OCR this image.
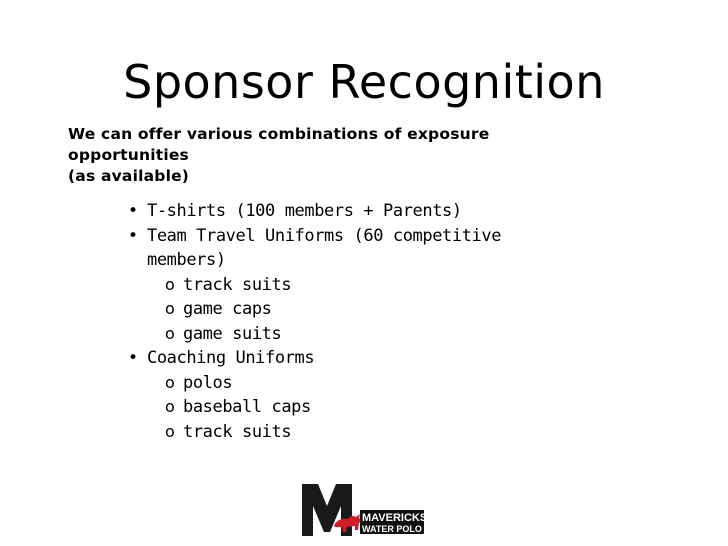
Sponsor Recognition
We can offer various combinations of exposure
opportunities
(as available)
• T-shirts (100 members + Parents)
• Team Travel Uniforms (60 competitive
members)
o track suits
o game caps
o game suits
• Coaching Uniforms
o polos
o baseball caps
o track suits
MAVERICKS
WATER POLO
